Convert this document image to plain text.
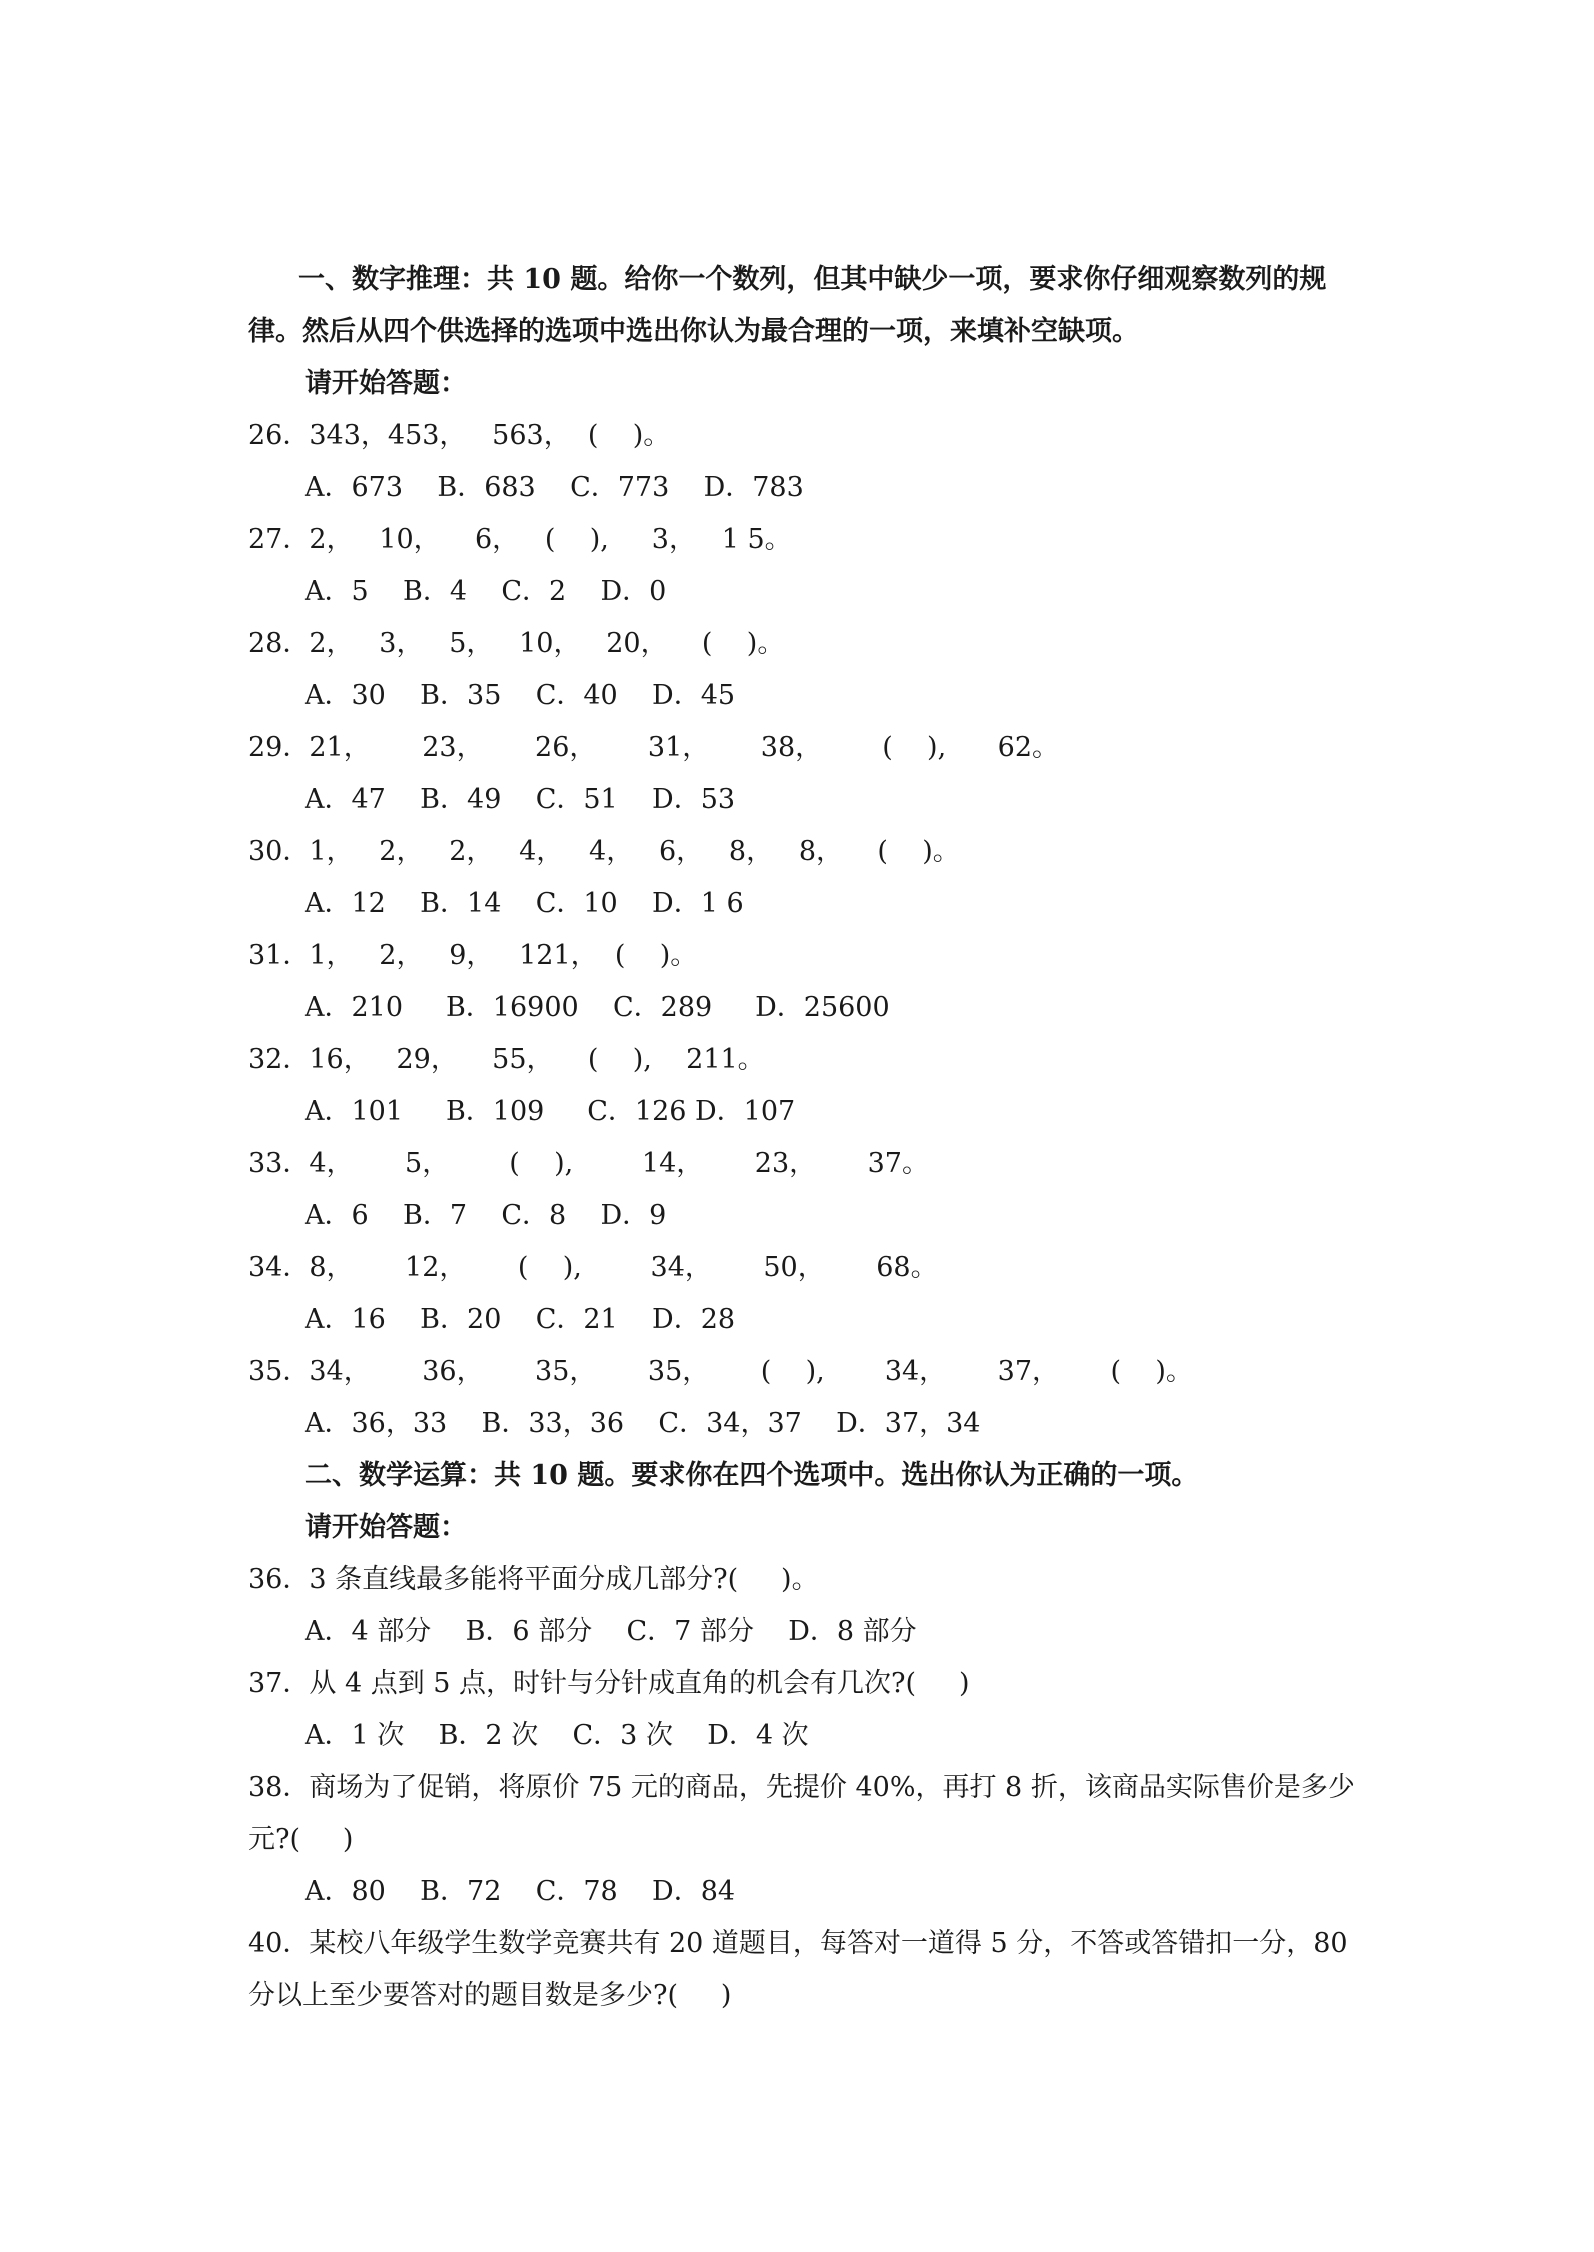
一、数字推理：共 10 题。给你一个数列，但其中缺少一项，要求你仔细观察数列的规
律。然后从四个供选择的选项中选出你认为最合理的一项，来填补空缺项。
请开始答题：
26．343，453，   563，  (    )。
A．673    B．683    C．773    D．783
27．2，   10，    6，   (    ),     3，   1 5。
A．5    B．4    C．2    D．0
28．2，   3，   5，   10，   20，    (    )。
A．30    B．35    C．40    D．45
29．21，      23，      26，      31，      38，       (    ),      62。
A．47    B．49    C．51    D．53
30．1，   2，   2，   4，   4，   6，   8，   8，    (    )。
A．12    B．14    C．10    D．1 6
31．1，   2，   9，   121，  (    )。
A．210     B．16900    C．289     D．25600
32．16，   29，    55，    (    ),    211。
A．101     B．109     C．126 D．107
33．4，      5，       (    ),        14，      23，      37。
A．6    B．7    C．8    D．9
34．8，      12，      (    ),        34，      50，      68。
A．16    B．20    C．21    D．28
35．34，      36，      35，      35，      (    ),       34，      37，      (    )。
A．36，33    B．33，36    C．34，37    D．37，34
二、数学运算：共 10 题。要求你在四个选项中。选出你认为正确的一项。
请开始答题：
36．3 条直线最多能将平面分成几部分?(     )。
A．4 部分    B．6 部分    C．7 部分    D．8 部分
37．从 4 点到 5 点，时针与分针成直角的机会有几次?(     )
A．1 次    B．2 次    C．3 次    D．4 次
38．商场为了促销，将原价 75 元的商品，先提价 40%，再打 8 折，该商品实际售价是多少
元?(     )
A．80    B．72    C．78    D．84
40．某校八年级学生数学竞赛共有 20 道题目，每答对一道得 5 分，不答或答错扣一分，80
分以上至少要答对的题目数是多少?(     )
